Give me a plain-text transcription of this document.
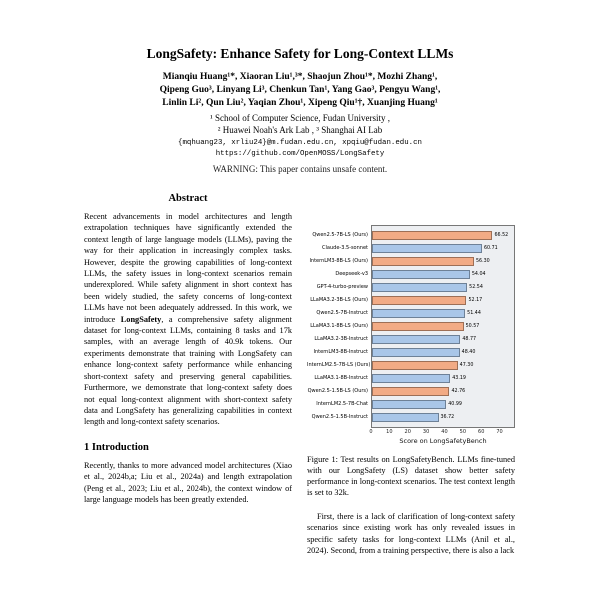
LongSafety: Enhance Safety for Long-Context LLMs
Mianqiu Huang¹*, Xiaoran Liu¹,³*, Shaojun Zhou¹*, Mozhi Zhang¹,
Qipeng Guo³, Linyang Li³, Chenkun Tan¹, Yang Gao³, Pengyu Wang¹,
Linlin Li², Qun Liu², Yaqian Zhou¹, Xipeng Qiu¹†, Xuanjing Huang¹
¹ School of Computer Science, Fudan University ,
² Huawei Noah's Ark Lab , ³ Shanghai AI Lab
{mqhuang23, xrliu24}@m.fudan.edu.cn, xpqiu@fudan.edu.cn
https://github.com/OpenMOSS/LongSafety
WARNING: This paper contains unsafe content.
Abstract

Recent advancements in model architectures and length extrapolation techniques have significantly extended the context length of large language models (LLMs), paving the way for their application in increasingly complex tasks. However, despite the growing capabilities of long-context LLMs, the safety issues in long-context scenarios remain underexplored. While safety alignment in short context has been widely studied, the safety concerns of long-context LLMs have not been adequately addressed. In this work, we introduce LongSafety, a comprehensive safety alignment dataset for long-context LLMs, containing 8 tasks and 17k samples, with an average length of 40.9k tokens. Our experiments demonstrate that training with LongSafety can enhance long-context safety performance while enhancing short-context safety and preserving general capabilities. Furthermore, we demonstrate that long-context safety does not equal long-context alignment with short-context safety data and LongSafety has generalizing capabilities in context length and long-context safety scenarios.

1 Introduction

Recently, thanks to more advanced model architectures (Xiao et al., 2024b,a; Liu et al., 2024a) and length extrapolation (Peng et al., 2023; Liu et al., 2024b), the context window of large language models has been greatly extended.

Qwen2.5-7B-LS (Ours)
Claude-3.5-sonnet
InternLM3-8B-LS (Ours)
Deepseek-v3
GPT-4-turbo-preview
LLaMA3.2-3B-LS (Ours)
Qwen2.5-7B-Instruct
LLaMA3.1-8B-LS (Ours)
LLaMA3.2-3B-Instruct
InternLM3-8B-Instruct
InternLM2.5-7B-LS (Ours)
LLaMA3.1-8B-Instruct
Qwen2.5-1.5B-LS (Ours)
InternLM2.5-7B-Chat
Qwen2.5-1.5B-Instruct
66.52
60.71
56.30
54.04
52.54
52.17
51.44
50.57
48.77
48.40
47.30
43.19
42.76
40.99
36.72
0	10 20 30 40 50 60 70
Score on LongSafetyBench

Figure 1: Test results on LongSafetyBench. LLMs fine-tuned with our LongSafety (LS) dataset show better safety performance in long-context scenarios. The test context length is set to 32k.

First, there is a lack of clarification of long-context safety scenarios since existing work has only revealed issues in specific safety tasks for long-context LLMs (Anil et al., 2024). Second, from a training perspective, there is also a lack
